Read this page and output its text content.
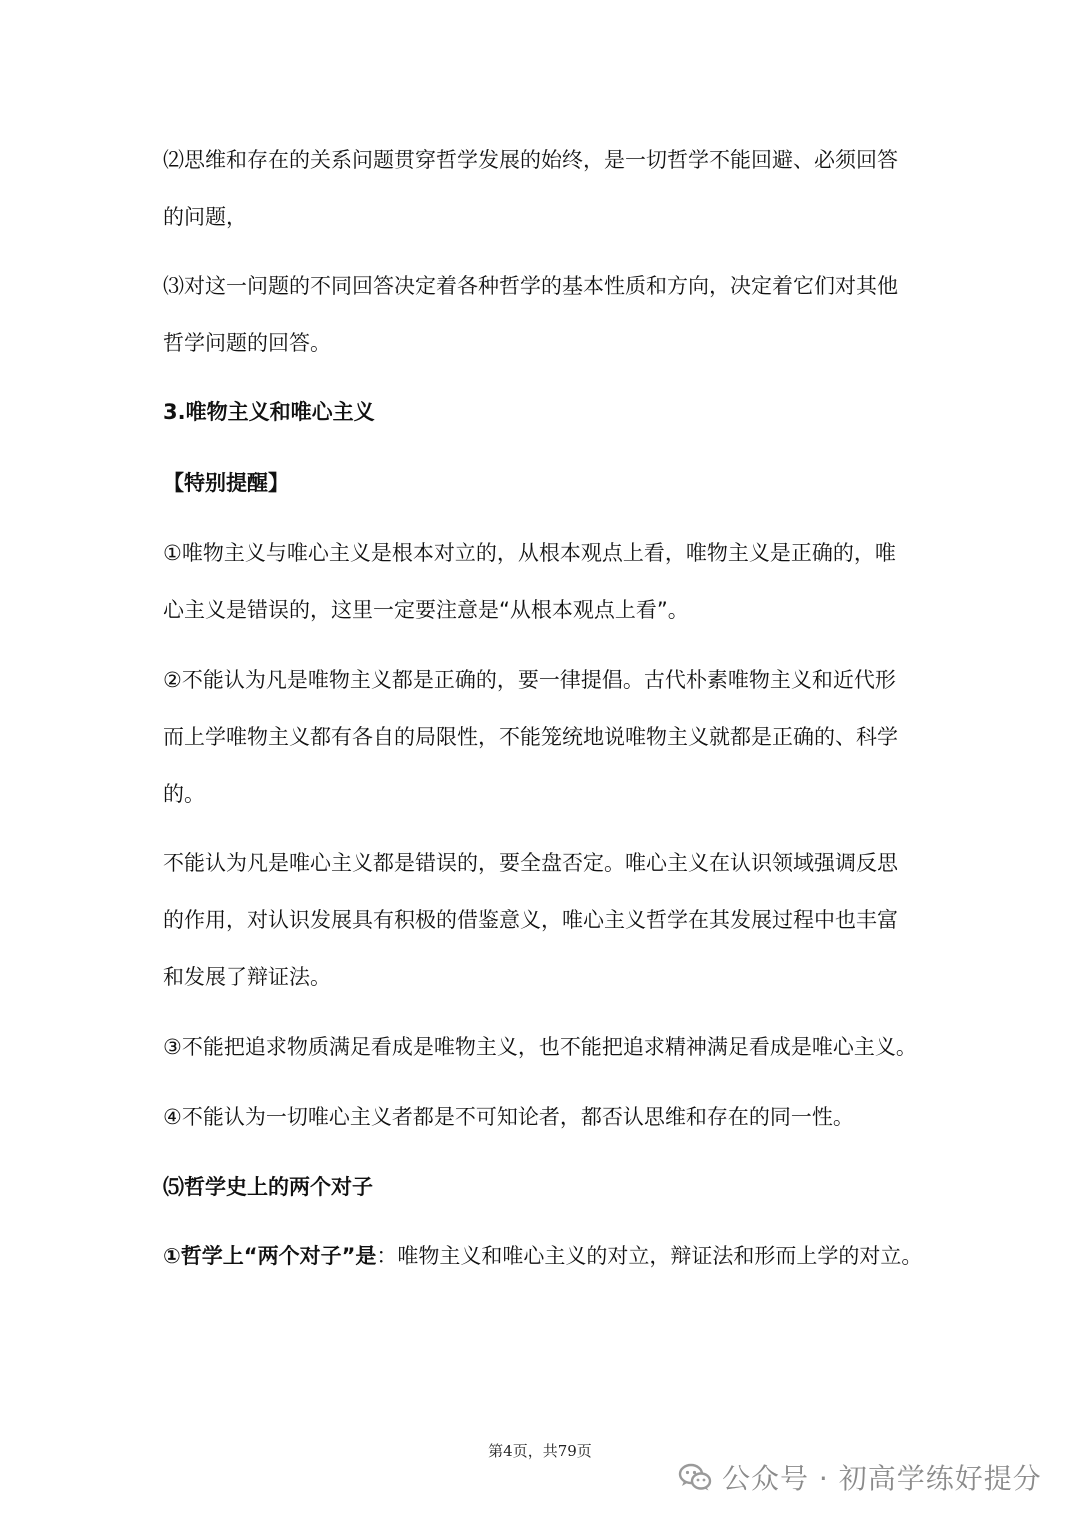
⑵思维和存在的关系问题贯穿哲学发展的始终，是一切哲学不能回避、必须回答

的问题，

⑶对这一问题的不同回答决定着各种哲学的基本性质和方向，决定着它们对其他

哲学问题的回答。

3.唯物主义和唯心主义

【特别提醒】

①唯物主义与唯心主义是根本对立的，从根本观点上看，唯物主义是正确的，唯

心主义是错误的，这里一定要注意是“从根本观点上看”。

②不能认为凡是唯物主义都是正确的，要一律提倡。古代朴素唯物主义和近代形

而上学唯物主义都有各自的局限性，不能笼统地说唯物主义就都是正确的、科学

的。

不能认为凡是唯心主义都是错误的，要全盘否定。唯心主义在认识领域强调反思

的作用，对认识发展具有积极的借鉴意义，唯心主义哲学在其发展过程中也丰富

和发展了辩证法。

③不能把追求物质满足看成是唯物主义，也不能把追求精神满足看成是唯心主义。

④不能认为一切唯心主义者都是不可知论者，都否认思维和存在的同一性。

⑸哲学史上的两个对子

①哲学上“两个对子”是：唯物主义和唯心主义的对立，辩证法和形而上学的对立。

第4页，共79页
公众号 · 初高学练好提分
